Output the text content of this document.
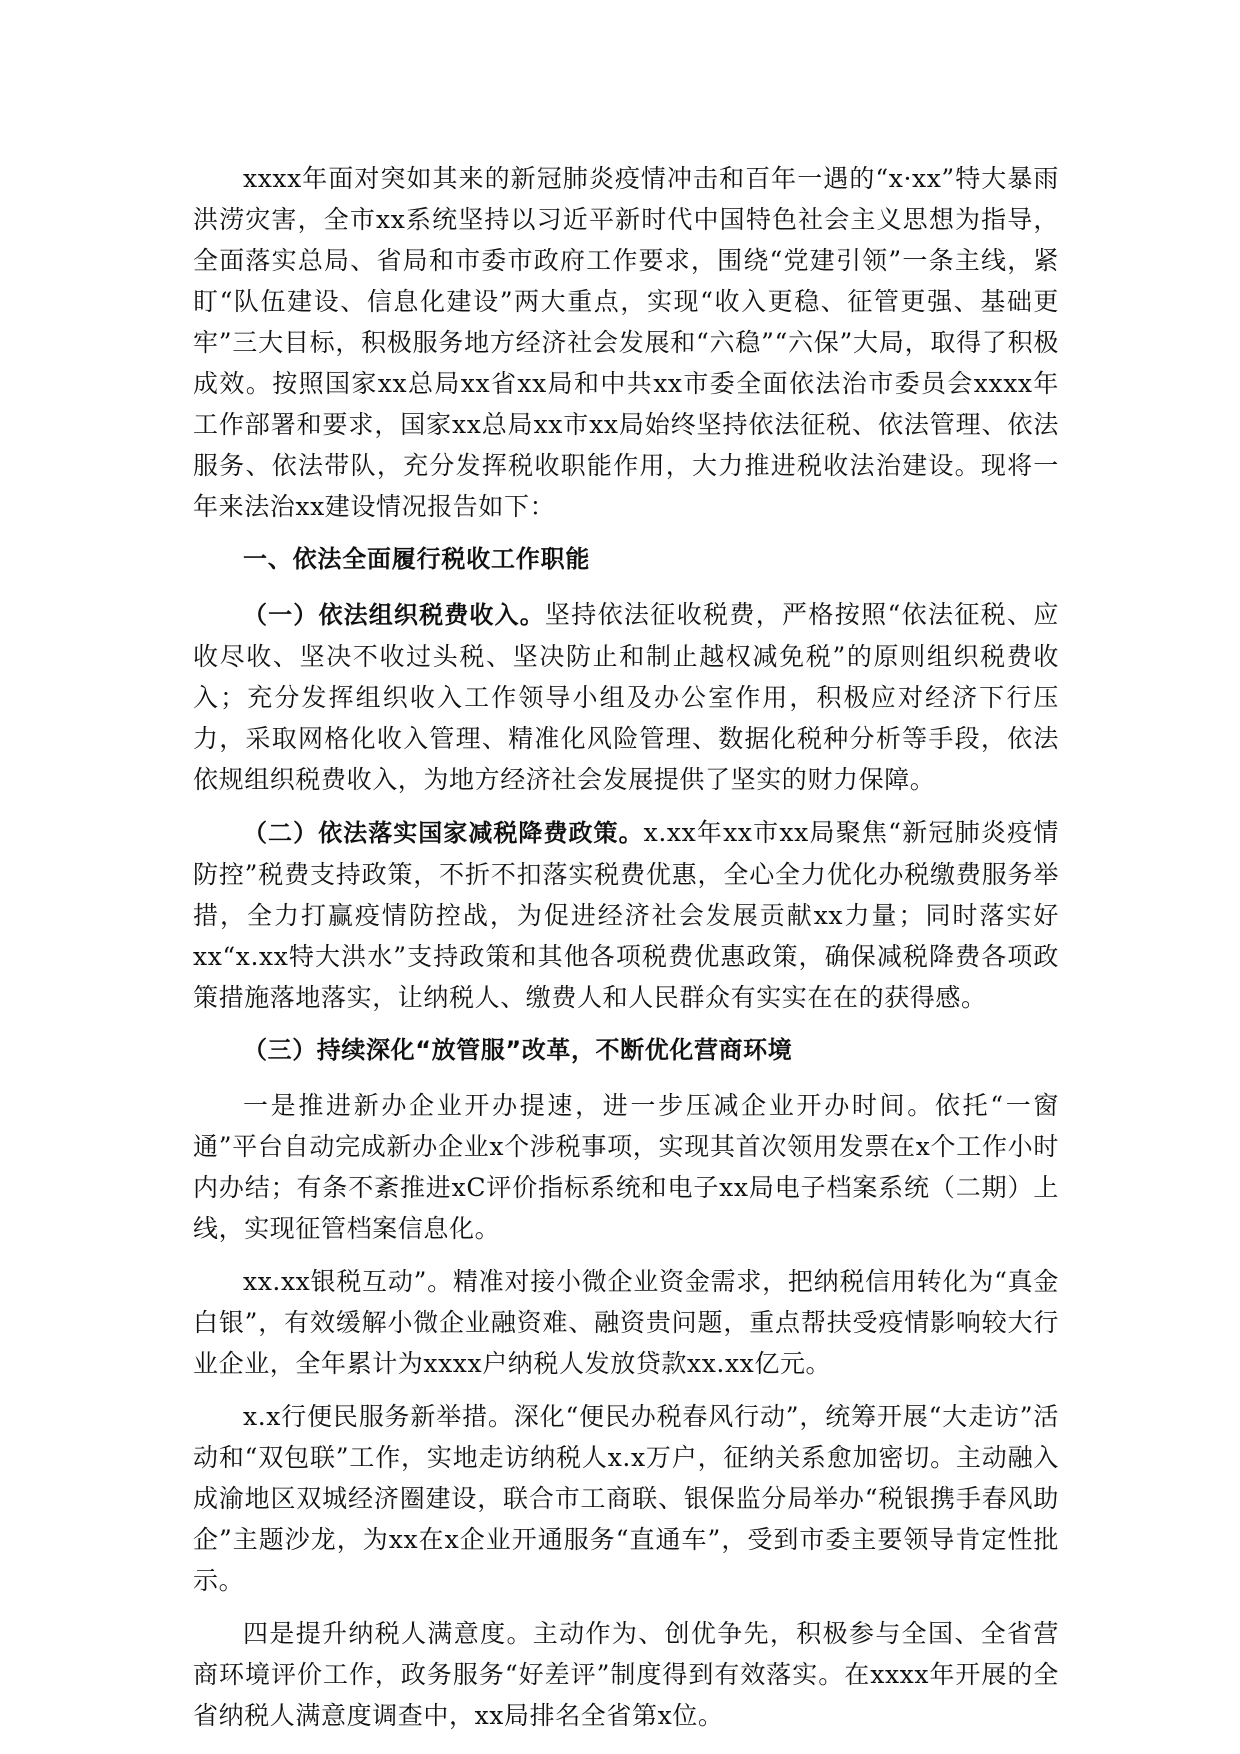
xxxx年面对突如其来的新冠肺炎疫情冲击和百年一遇的“x·xx”特大暴雨洪涝灾害，全市xx系统坚持以习近平新时代中国特色社会主义思想为指导，全面落实总局、省局和市委市政府工作要求，围绕“党建引领”一条主线，紧盯“队伍建设、信息化建设”两大重点，实现“收入更稳、征管更强、基础更牢”三大目标，积极服务地方经济社会发展和“六稳”“六保”大局，取得了积极成效。按照国家xx总局xx省xx局和中共xx市委全面依法治市委员会xxxx年工作部署和要求，国家xx总局xx市xx局始终坚持依法征税、依法管理、依法服务、依法带队，充分发挥税收职能作用，大力推进税收法治建设。现将一年来法治xx建设情况报告如下：

一、依法全面履行税收工作职能

（一）依法组织税费收入。坚持依法征收税费，严格按照“依法征税、应收尽收、坚决不收过头税、坚决防止和制止越权减免税”的原则组织税费收入；充分发挥组织收入工作领导小组及办公室作用，积极应对经济下行压力，采取网格化收入管理、精准化风险管理、数据化税种分析等手段，依法依规组织税费收入，为地方经济社会发展提供了坚实的财力保障。

（二）依法落实国家减税降费政策。x.xx年xx市xx局聚焦“新冠肺炎疫情防控”税费支持政策，不折不扣落实税费优惠，全心全力优化办税缴费服务举措，全力打赢疫情防控战，为促进经济社会发展贡献xx力量；同时落实好xx“x.xx特大洪水”支持政策和其他各项税费优惠政策，确保减税降费各项政策措施落地落实，让纳税人、缴费人和人民群众有实实在在的获得感。

（三）持续深化“放管服”改革，不断优化营商环境

一是推进新办企业开办提速，进一步压减企业开办时间。依托“一窗通”平台自动完成新办企业x个涉税事项，实现其首次领用发票在x个工作小时内办结；有条不紊推进xC评价指标系统和电子xx局电子档案系统（二期）上线，实现征管档案信息化。

xx.xx银税互动”。精准对接小微企业资金需求，把纳税信用转化为“真金白银”，有效缓解小微企业融资难、融资贵问题，重点帮扶受疫情影响较大行业企业，全年累计为xxxx户纳税人发放贷款xx.xx亿元。

x.x行便民服务新举措。深化“便民办税春风行动”，统筹开展“大走访”活动和“双包联”工作，实地走访纳税人x.x万户，征纳关系愈加密切。主动融入成渝地区双城经济圈建设，联合市工商联、银保监分局举办“税银携手春风助企”主题沙龙，为xx在x企业开通服务“直通车”，受到市委主要领导肯定性批示。

四是提升纳税人满意度。主动作为、创优争先，积极参与全国、全省营商环境评价工作，政务服务“好差评”制度得到有效落实。在xxxx年开展的全省纳税人满意度调查中，xx局排名全省第x位。
